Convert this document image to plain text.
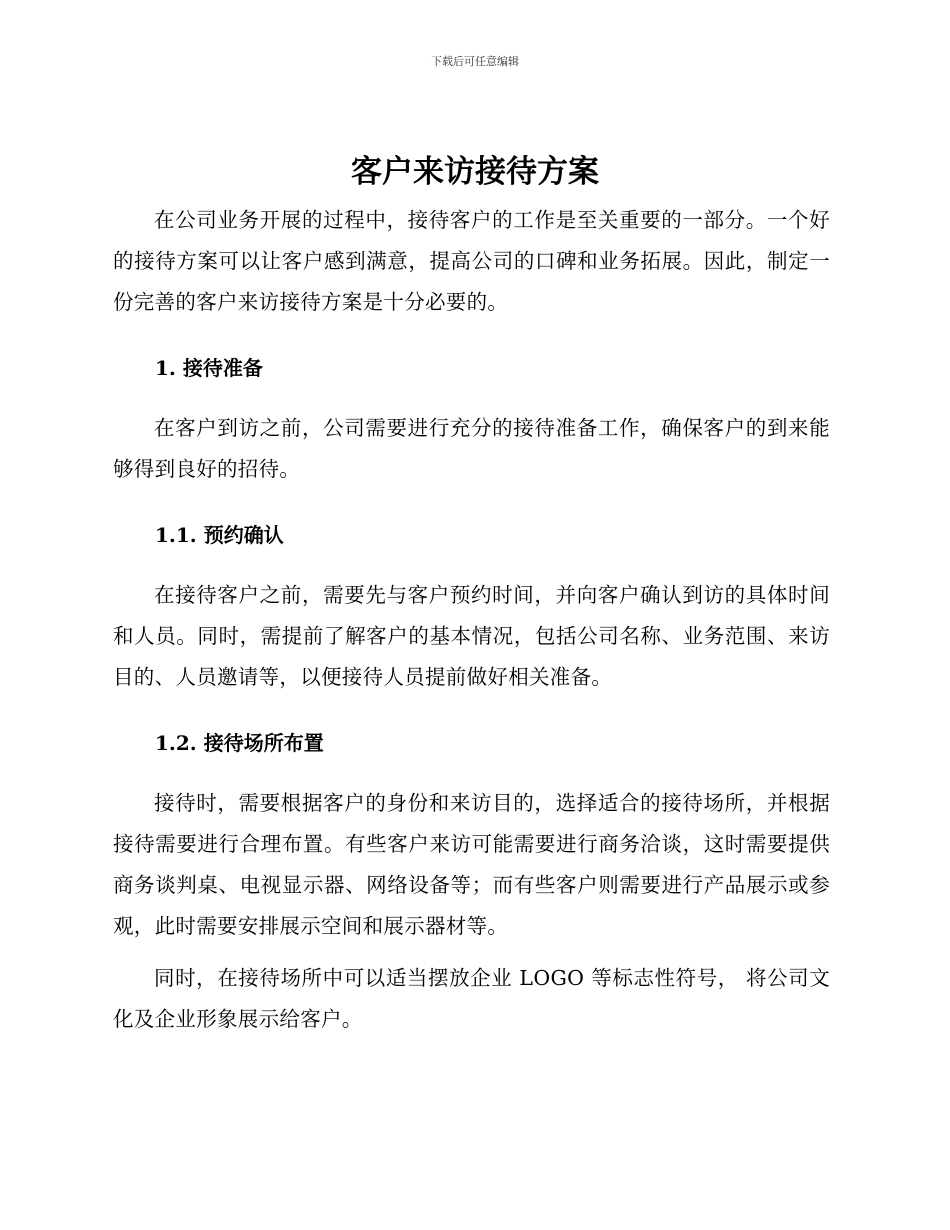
下载后可任意编辑
客户来访接待方案

在公司业务开展的过程中，接待客户的工作是至关重要的一部分。一个好的接待方案可以让客户感到满意，提高公司的口碑和业务拓展。因此，制定一份完善的客户来访接待方案是十分必要的。

1. 接待准备

在客户到访之前，公司需要进行充分的接待准备工作，确保客户的到来能够得到良好的招待。

1.1. 预约确认

在接待客户之前，需要先与客户预约时间，并向客户确认到访的具体时间和人员。同时，需提前了解客户的基本情况，包括公司名称、业务范围、来访目的、人员邀请等，以便接待人员提前做好相关准备。

1.2. 接待场所布置

接待时，需要根据客户的身份和来访目的，选择适合的接待场所，并根据接待需要进行合理布置。有些客户来访可能需要进行商务洽谈，这时需要提供商务谈判桌、电视显示器、网络设备等；而有些客户则需要进行产品展示或参观，此时需要安排展示空间和展示器材等。

同时，在接待场所中可以适当摆放企业 LOGO 等标志性符号， 将公司文化及企业形象展示给客户。
